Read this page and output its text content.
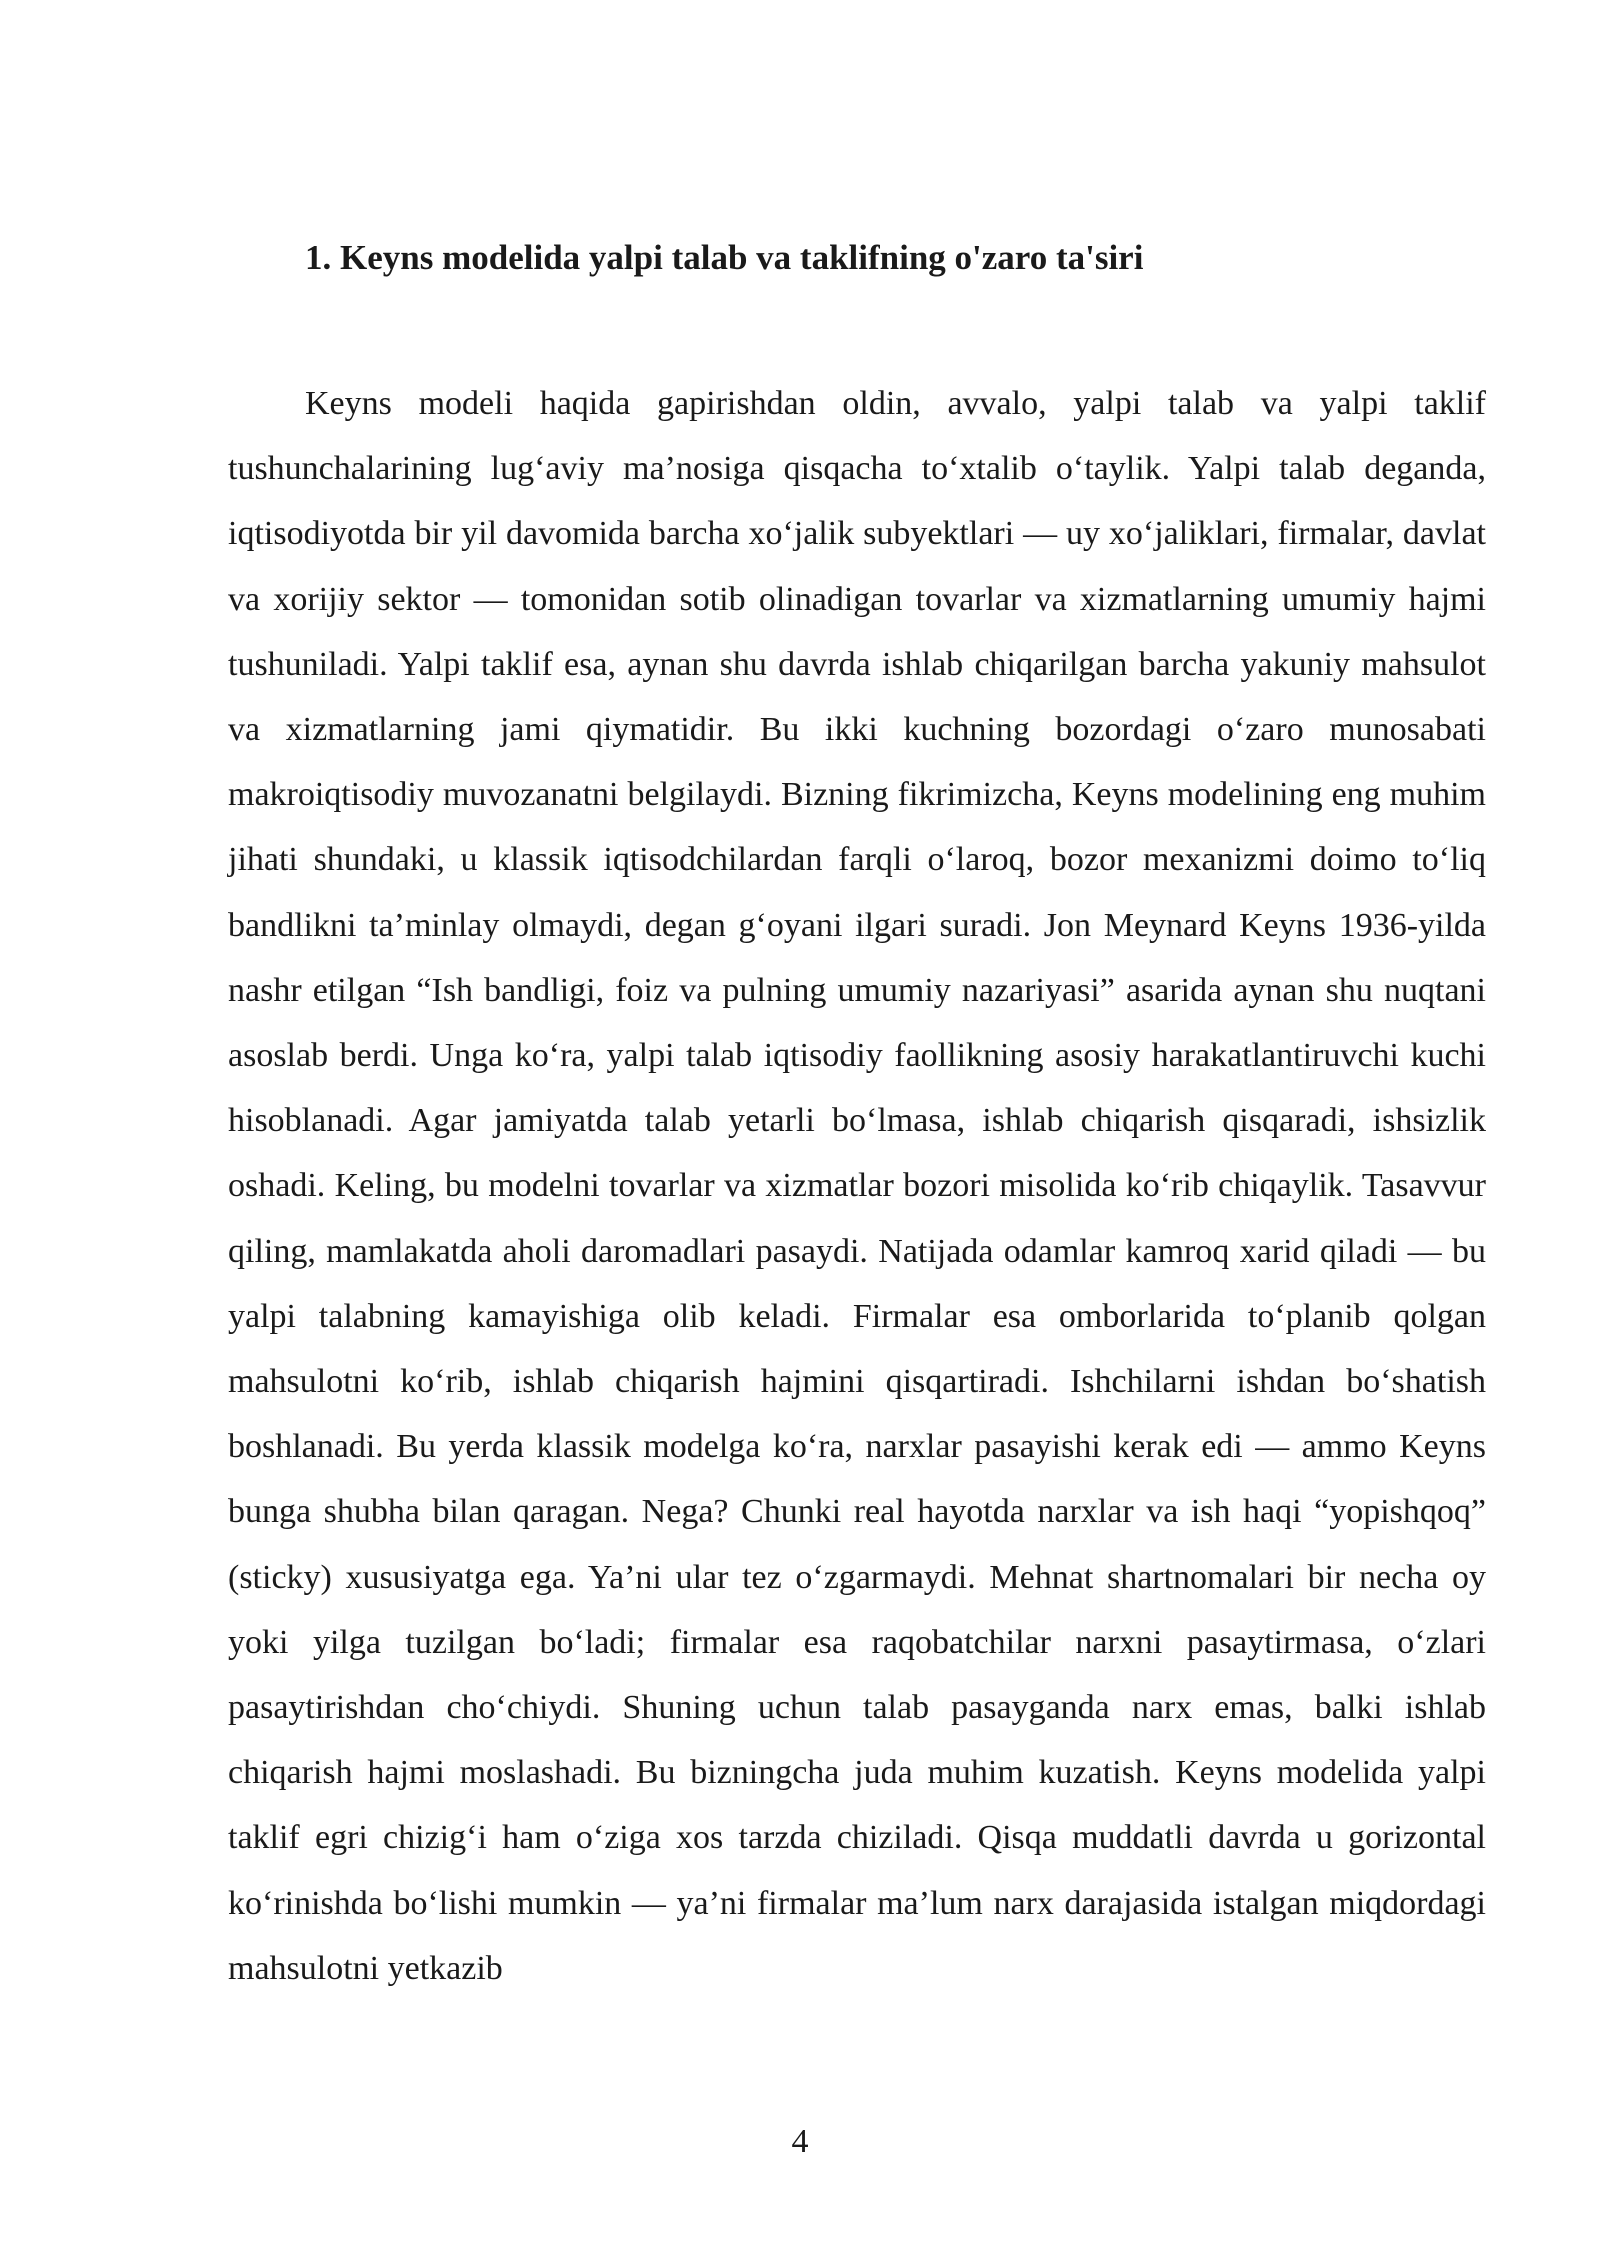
1. Keyns modelida yalpi talab va taklifning o'zaro ta'siri

Keyns modeli haqida gapirishdan oldin, avvalo, yalpi talab va yalpi taklif tushunchalarining lug‘aviy ma’nosiga qisqacha to‘xtalib o‘taylik. Yalpi talab deganda, iqtisodiyotda bir yil davomida barcha xo‘jalik subyektlari — uy xo‘jaliklari, firmalar, davlat va xorijiy sektor — tomonidan sotib olinadigan tovarlar va xizmatlarning umumiy hajmi tushuniladi. Yalpi taklif esa, aynan shu davrda ishlab chiqarilgan barcha yakuniy mahsulot va xizmatlarning jami qiymatidir. Bu ikki kuchning bozordagi o‘zaro munosabati makroiqtisodiy muvozanatni belgilaydi. Bizning fikrimizcha, Keyns modelining eng muhim jihati shundaki, u klassik iqtisodchilardan farqli o‘laroq, bozor mexanizmi doimo to‘liq bandlikni ta’minlay olmaydi, degan g‘oyani ilgari suradi. Jon Meynard Keyns 1936-yilda nashr etilgan “Ish bandligi, foiz va pulning umumiy nazariyasi” asarida aynan shu nuqtani asoslab berdi. Unga ko‘ra, yalpi talab iqtisodiy faollikning asosiy harakatlantiruvchi kuchi hisoblanadi. Agar jamiyatda talab yetarli bo‘lmasa, ishlab chiqarish qisqaradi, ishsizlik oshadi. Keling, bu modelni tovarlar va xizmatlar bozori misolida ko‘rib chiqaylik. Tasavvur qiling, mamlakatda aholi daromadlari pasaydi. Natijada odamlar kamroq xarid qiladi — bu yalpi talabning kamayishiga olib keladi. Firmalar esa omborlarida to‘planib qolgan mahsulotni ko‘rib, ishlab chiqarish hajmini qisqartiradi. Ishchilarni ishdan bo‘shatish boshlanadi. Bu yerda klassik modelga ko‘ra, narxlar pasayishi kerak edi — ammo Keyns bunga shubha bilan qaragan. Nega? Chunki real hayotda narxlar va ish haqi “yopishqoq” (sticky) xususiyatga ega. Ya’ni ular tez o‘zgarmaydi. Mehnat shartnomalari bir necha oy yoki yilga tuzilgan bo‘ladi; firmalar esa raqobatchilar narxni pasaytirmasa, o‘zlari pasaytirishdan cho‘chiydi. Shuning uchun talab pasayganda narx emas, balki ishlab chiqarish hajmi moslashadi. Bu bizningcha juda muhim kuzatish. Keyns modelida yalpi taklif egri chizig‘i ham o‘ziga xos tarzda chiziladi. Qisqa muddatli davrda u gorizontal ko‘rinishda bo‘lishi mumkin — ya’ni firmalar ma’lum narx darajasida istalgan miqdordagi mahsulotni yetkazib

4
